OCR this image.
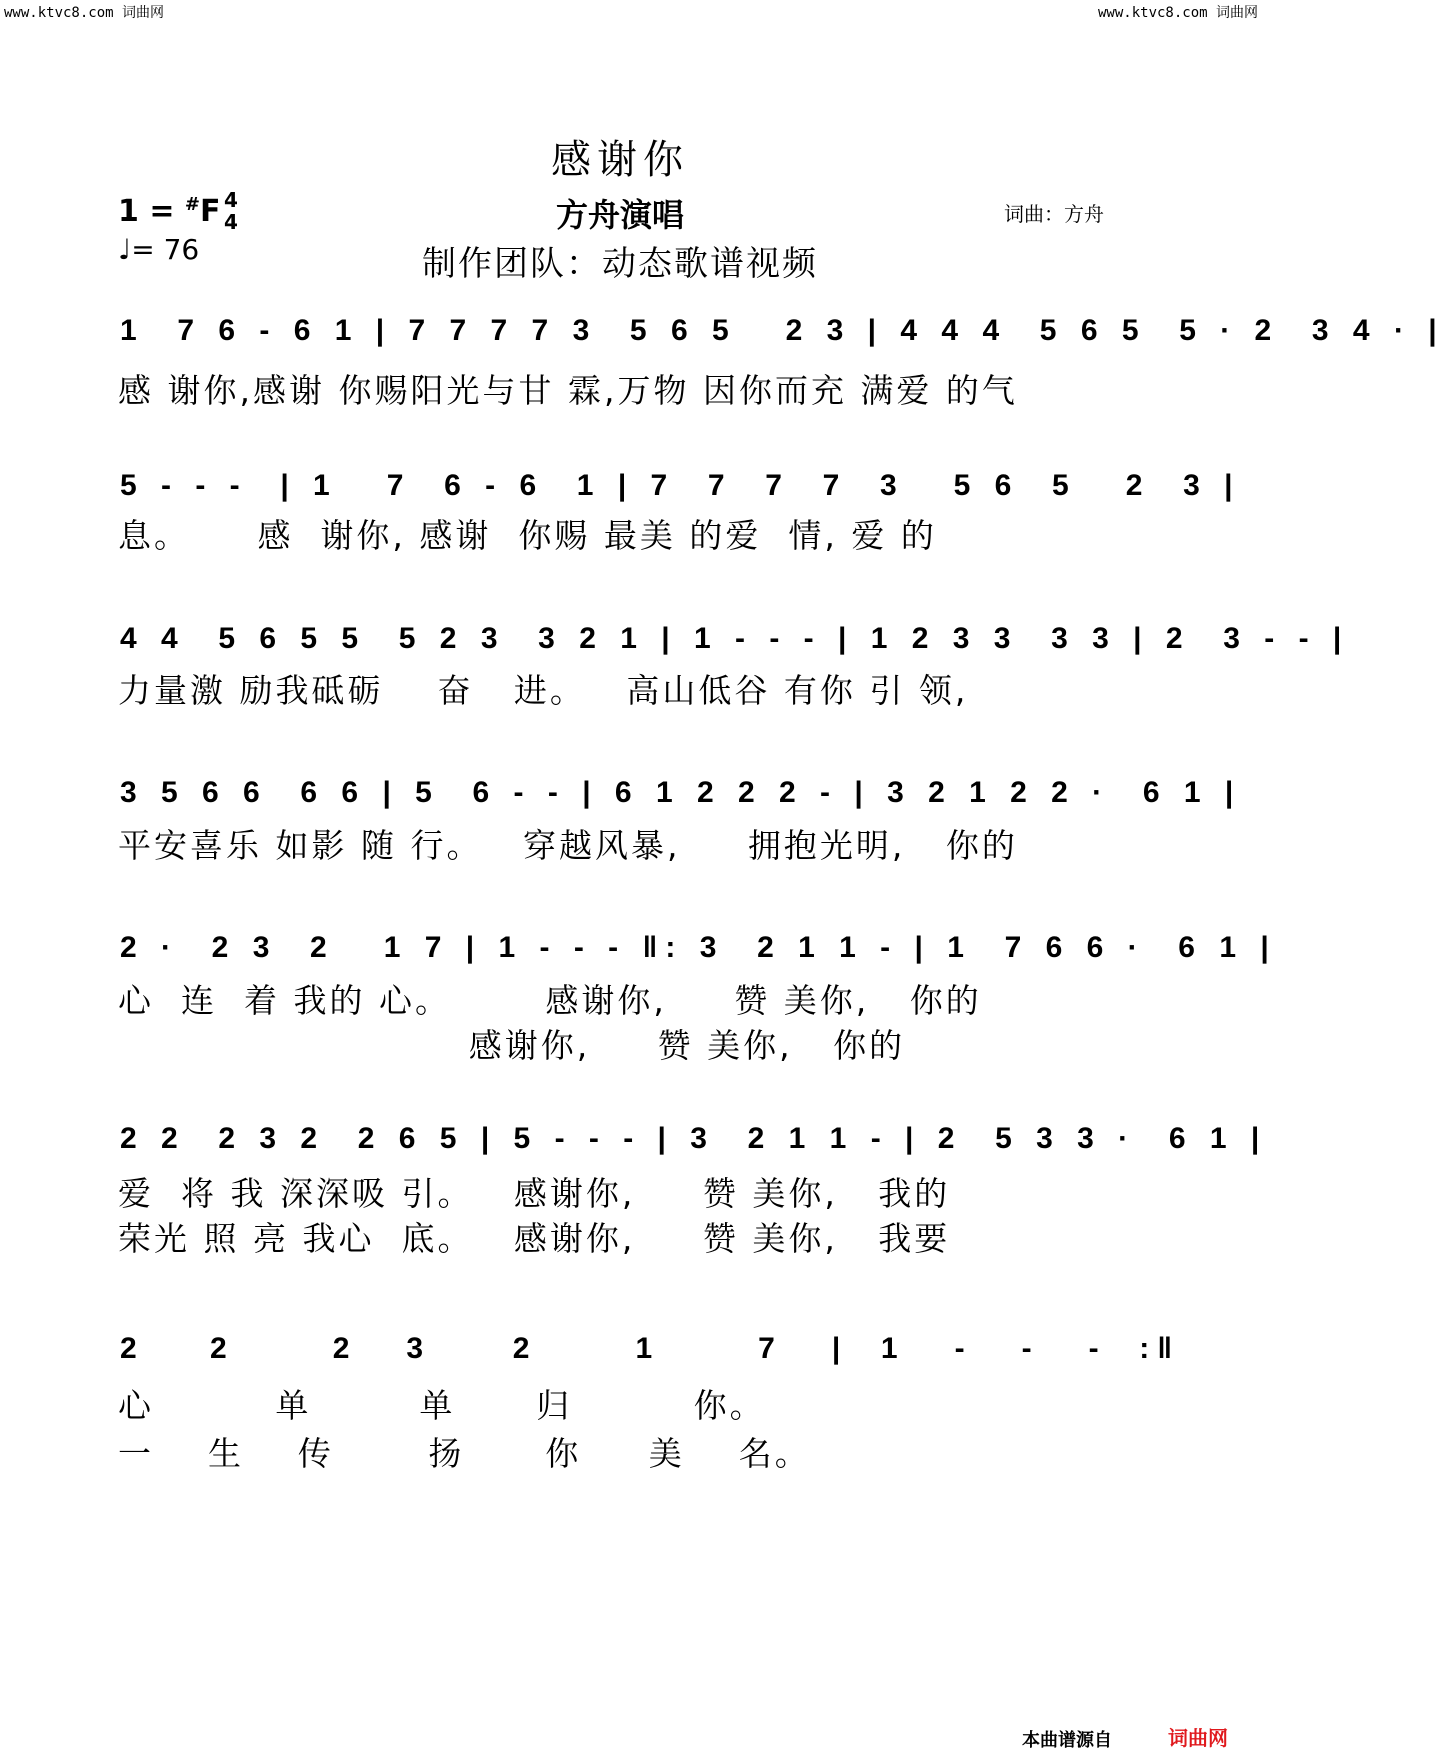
www.ktvc8.com 词曲网	www.ktvc8.com 词曲网
感谢你
方舟演唱	词曲：方舟
制作团队：动态歌谱视频
1 = #F 4
4
♩= 76
1  7 6 - 6 1 | 7 7 7 7 3  5 6 5   2 3 | 4 4 4  5 6 5  5 · 2  3 4 · |
感 谢你,感谢 你赐阳光与甘 霖,万物 因你而充 满爱 的气
5 - - -  | 1   7  6 - 6  1 | 7  7  7  7  3   5 6  5   2  3 |
息。     感  谢你, 感谢  你赐 最美 的爱  情, 爱 的
4 4  5 6 5 5  5 2 3  3 2 1 | 1 - - - | 1 2 3 3  3 3 | 2  3 - - |
力量激 励我砥砺    奋   进。   高山低谷 有你 引 领,
3 5 6 6  6 6 | 5  6 - - | 6 1 2 2 2 - | 3 2 1 2 2 ·  6 1 |
平安喜乐 如影 随 行。   穿越风暴,     拥抱光明,   你的
2 ·  2 3  2   1 7 | 1 - - - ‖: 3  2 1 1 - | 1  7 6 6 ·  6 1 |
心  连  着 我的 心。       感谢你,     赞 美你,   你的
感谢你,     赞 美你,   你的
2 2  2 3 2  2 6 5 | 5 - - - | 3  2 1 1 - | 2  5 3 3 ·  6 1 |
爱  将 我 深深吸 引。   感谢你,     赞 美你,   我的
荣光 照 亮 我心  底。   感谢你,     赞 美你,   我要
2    2      2   3     2      1      7   |  1   -   -   -  :‖
心         单        单      归         你。
一    生    传       扬      你     美    名。
本曲谱源自	词曲网
